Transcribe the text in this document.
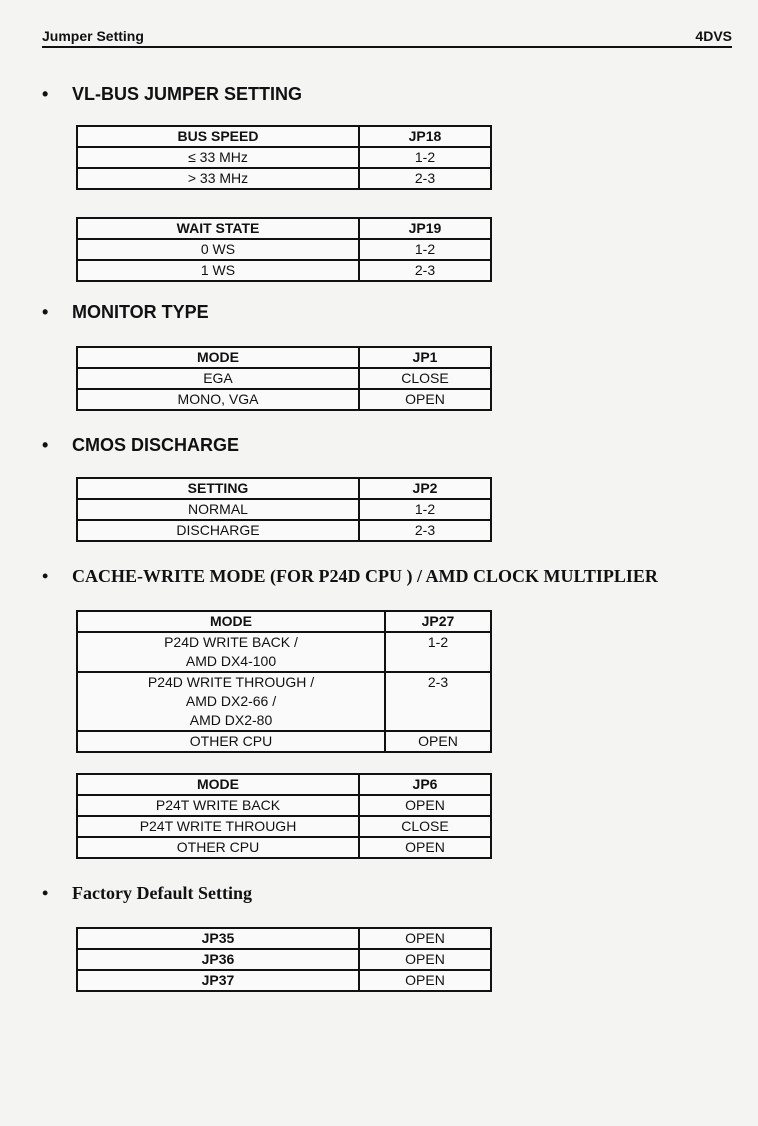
Jumper Setting	4DVS
• VL-BUS JUMPER SETTING
BUS SPEED	JP18
≤ 33 MHz	1-2
> 33 MHz	2-3
WAIT STATE	JP19
0 WS	1-2
1 WS	2-3
• MONITOR TYPE
MODE	JP1
EGA	CLOSE
MONO, VGA	OPEN
• CMOS DISCHARGE
SETTING	JP2
NORMAL	1-2
DISCHARGE	2-3
• CACHE-WRITE MODE (FOR P24D CPU ) / AMD CLOCK MULTIPLIER
MODE	JP27

P24D WRITE BACK /
AMD DX4-100	1-2

P24D WRITE THROUGH /
AMD DX2-66 /
AMD DX2-80	2-3
OTHER CPU	OPEN
MODE	JP6
P24T WRITE BACK	OPEN
P24T WRITE THROUGH	CLOSE
OTHER CPU	OPEN
• Factory Default Setting
JP35	OPEN
JP36	OPEN
JP37	OPEN
